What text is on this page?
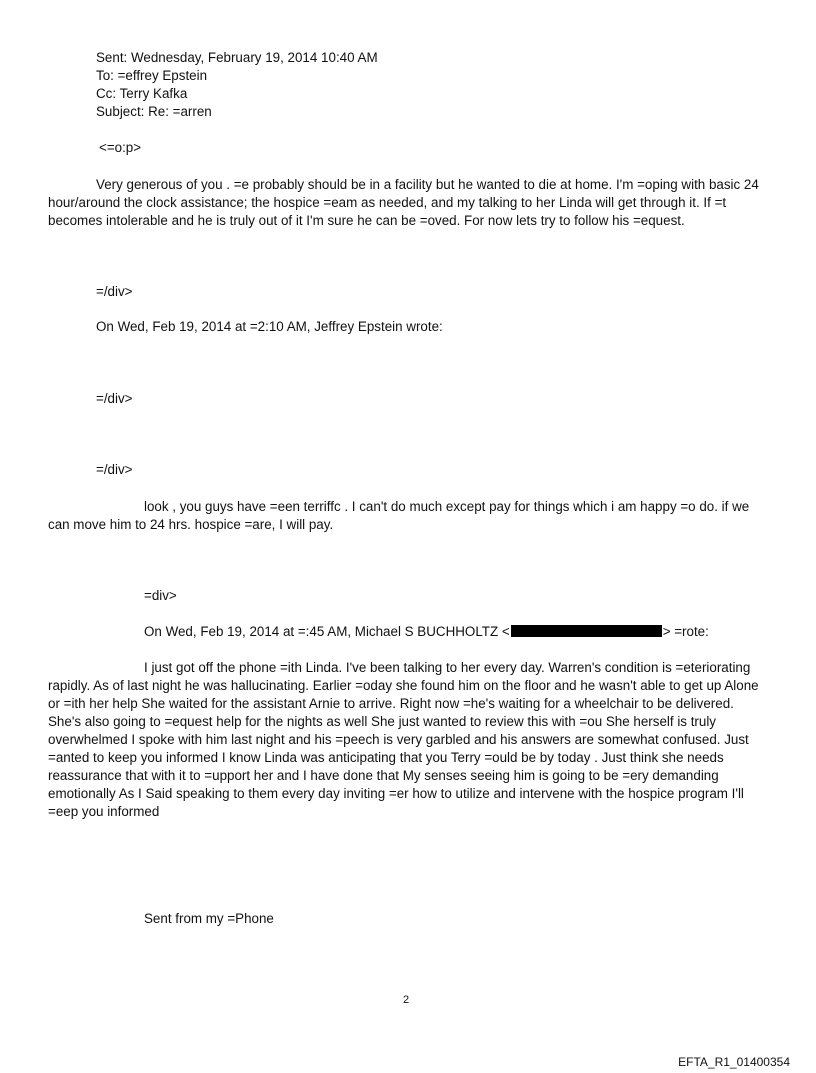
Sent: Wednesday, February 19, 2014 10:40 AM
To: =effrey Epstein
Cc: Terry Kafka
Subject: Re: =arren
<=o:p>
Very generous of you . =e probably should be in a facility but he wanted to die at home. I'm =oping with basic 24
hour/around the clock assistance; the hospice =eam as needed, and my talking to her Linda will get through it. If =t
becomes intolerable and he is truly out of it I'm sure he can be =oved. For now lets try to follow his =equest.
=/div>
On Wed, Feb 19, 2014 at =2:10 AM, Jeffrey Epstein wrote:
=/div>
=/div>
look , you guys have =een terriffc . I can't do much except pay for things which i am happy =o do. if we
can move him to 24 hrs. hospice =are, I will pay.
=div>
On Wed, Feb 19, 2014 at =:45 AM, Michael S BUCHHOLTZ <	> =rote:
I just got off the phone =ith Linda. I've been talking to her every day. Warren's condition is =eteriorating
rapidly. As of last night he was hallucinating. Earlier =oday she found him on the floor and he wasn't able to get up Alone
or =ith her help She waited for the assistant Arnie to arrive. Right now =he's waiting for a wheelchair to be delivered.
She's also going to =equest help for the nights as well She just wanted to review this with =ou She herself is truly
overwhelmed I spoke with him last night and his =peech is very garbled and his answers are somewhat confused. Just
=anted to keep you informed I know Linda was anticipating that you Terry =ould be by today . Just think she needs
reassurance that with it to =upport her and I have done that My senses seeing him is going to be =ery demanding
emotionally As I Said speaking to them every day inviting =er how to utilize and intervene with the hospice program I'll
=eep you informed
Sent from my =Phone
2
EFTA_R1_01400354
